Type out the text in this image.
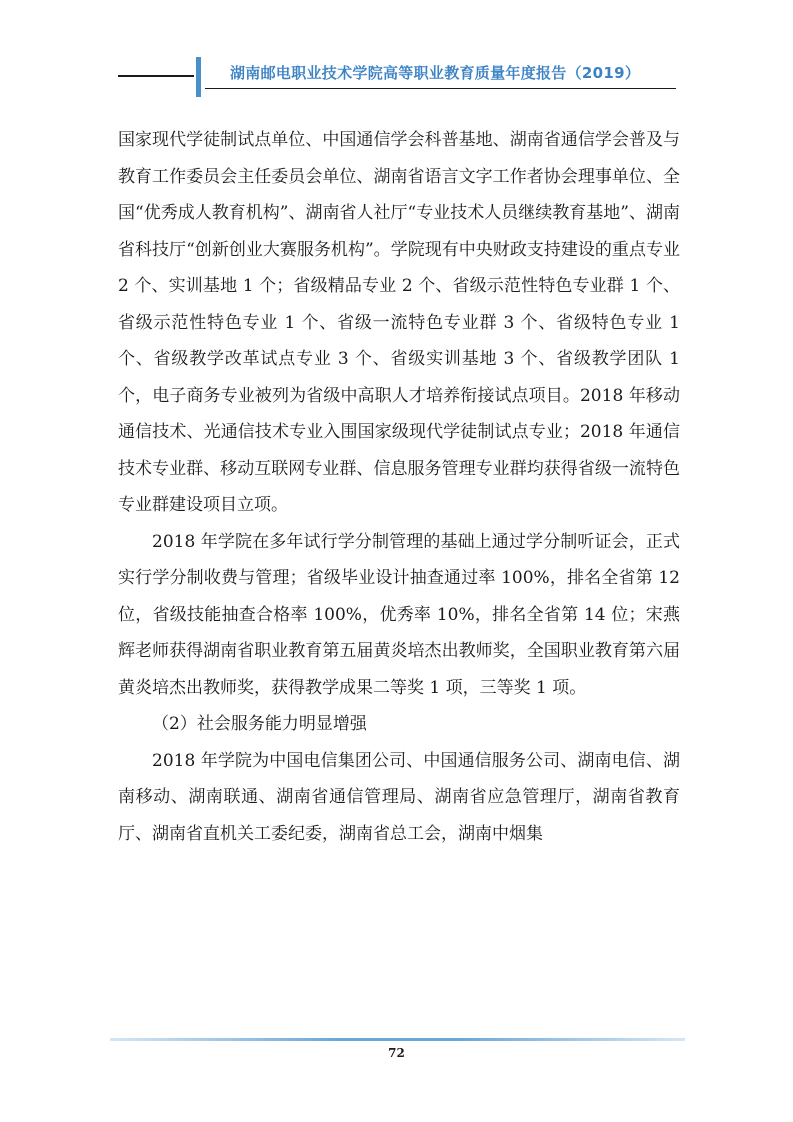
湖南邮电职业技术学院高等职业教育质量年度报告（2019）

国家现代学徒制试点单位、中国通信学会科普基地、湖南省通信学会普及与教育工作委员会主任委员会单位、湖南省语言文字工作者协会理事单位、全国“优秀成人教育机构”、湖南省人社厅“专业技术人员继续教育基地”、湖南省科技厅“创新创业大赛服务机构”。学院现有中央财政支持建设的重点专业 2 个、实训基地 1 个；省级精品专业 2 个、省级示范性特色专业群 1 个、省级示范性特色专业 1 个、省级一流特色专业群 3 个、省级特色专业 1 个、省级教学改革试点专业 3 个、省级实训基地 3 个、省级教学团队 1 个，电子商务专业被列为省级中高职人才培养衔接试点项目。2018 年移动通信技术、光通信技术专业入围国家级现代学徒制试点专业；2018 年通信技术专业群、移动互联网专业群、信息服务管理专业群均获得省级一流特色专业群建设项目立项。

2018 年学院在多年试行学分制管理的基础上通过学分制听证会，正式实行学分制收费与管理；省级毕业设计抽查通过率 100%，排名全省第 12 位，省级技能抽查合格率 100%，优秀率 10%，排名全省第 14 位；宋燕辉老师获得湖南省职业教育第五届黄炎培杰出教师奖，全国职业教育第六届黄炎培杰出教师奖，获得教学成果二等奖 1 项，三等奖 1 项。

（2）社会服务能力明显增强

2018 年学院为中国电信集团公司、中国通信服务公司、湖南电信、湖南移动、湖南联通、湖南省通信管理局、湖南省应急管理厅，湖南省教育厅、湖南省直机关工委纪委，湖南省总工会，湖南中烟集

72
